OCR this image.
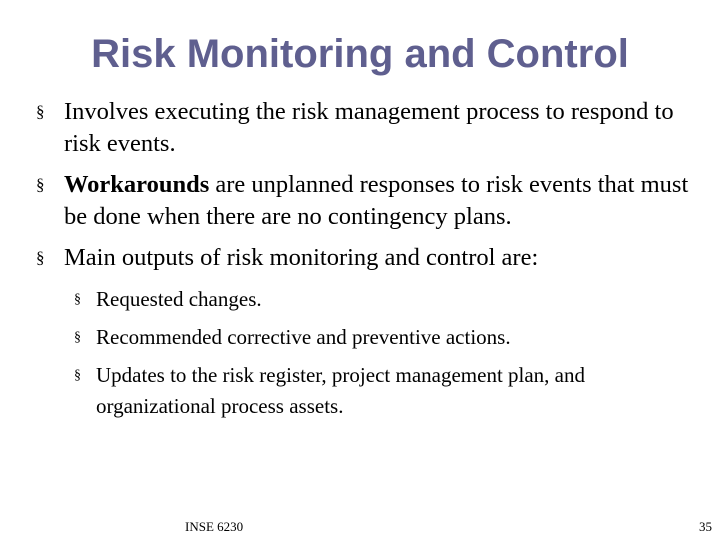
Risk Monitoring and Control
§ Involves executing the risk management process to respond to risk events.
§ Workarounds are unplanned responses to risk events that must be done when there are no contingency plans.
§ Main outputs of risk monitoring and control are:
§ Requested changes.
§ Recommended corrective and preventive actions.
§ Updates to the risk register, project management plan, and organizational process assets.
INSE 6230	35
